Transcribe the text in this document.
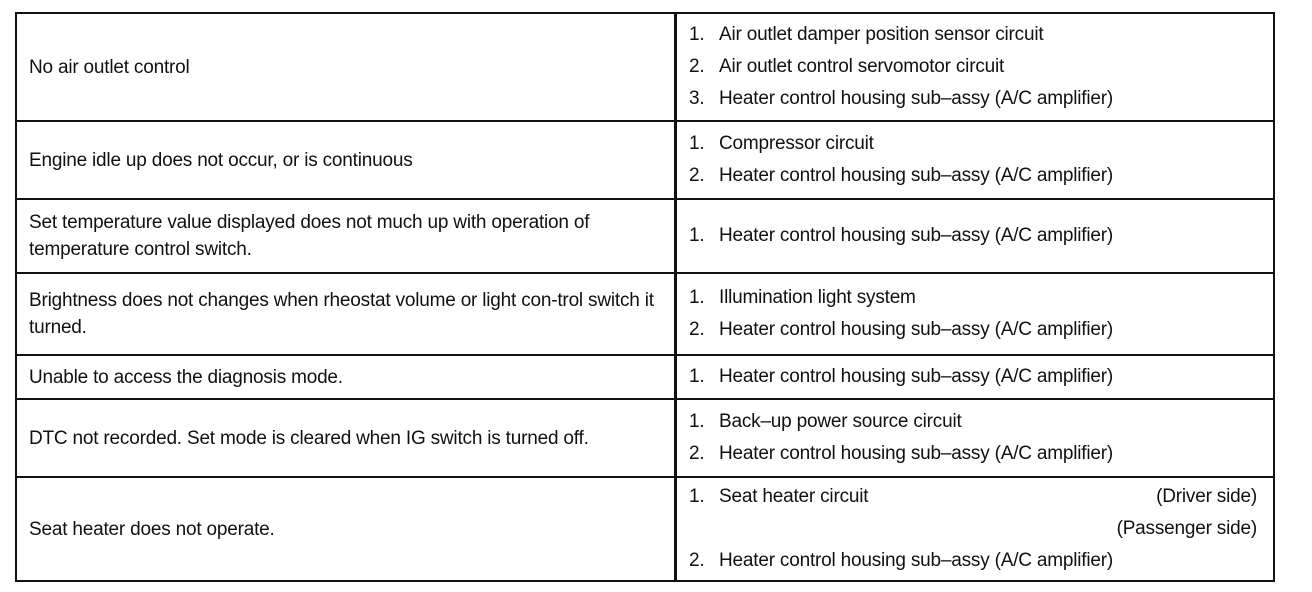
No air outlet control
1. Air outlet damper position sensor circuit
2. Air outlet control servomotor circuit
3. Heater control housing sub–assy (A/C amplifier)
Engine idle up does not occur, or is continuous
1. Compressor circuit
2. Heater control housing sub–assy (A/C amplifier)
Set temperature value displayed does not much up with operation of temperature control switch.
1. Heater control housing sub–assy (A/C amplifier)
Brightness does not changes when rheostat volume or light con-trol switch it turned.
1. Illumination light system
2. Heater control housing sub–assy (A/C amplifier)
Unable to access the diagnosis mode.	1. Heater control housing sub–assy (A/C amplifier)
DTC not recorded. Set mode is cleared when IG switch is turned off.
1. Back–up power source circuit
2. Heater control housing sub–assy (A/C amplifier)
Seat heater does not operate.
1. Seat heater circuit	(Driver side)
(Passenger side)
2. Heater control housing sub–assy (A/C amplifier)
